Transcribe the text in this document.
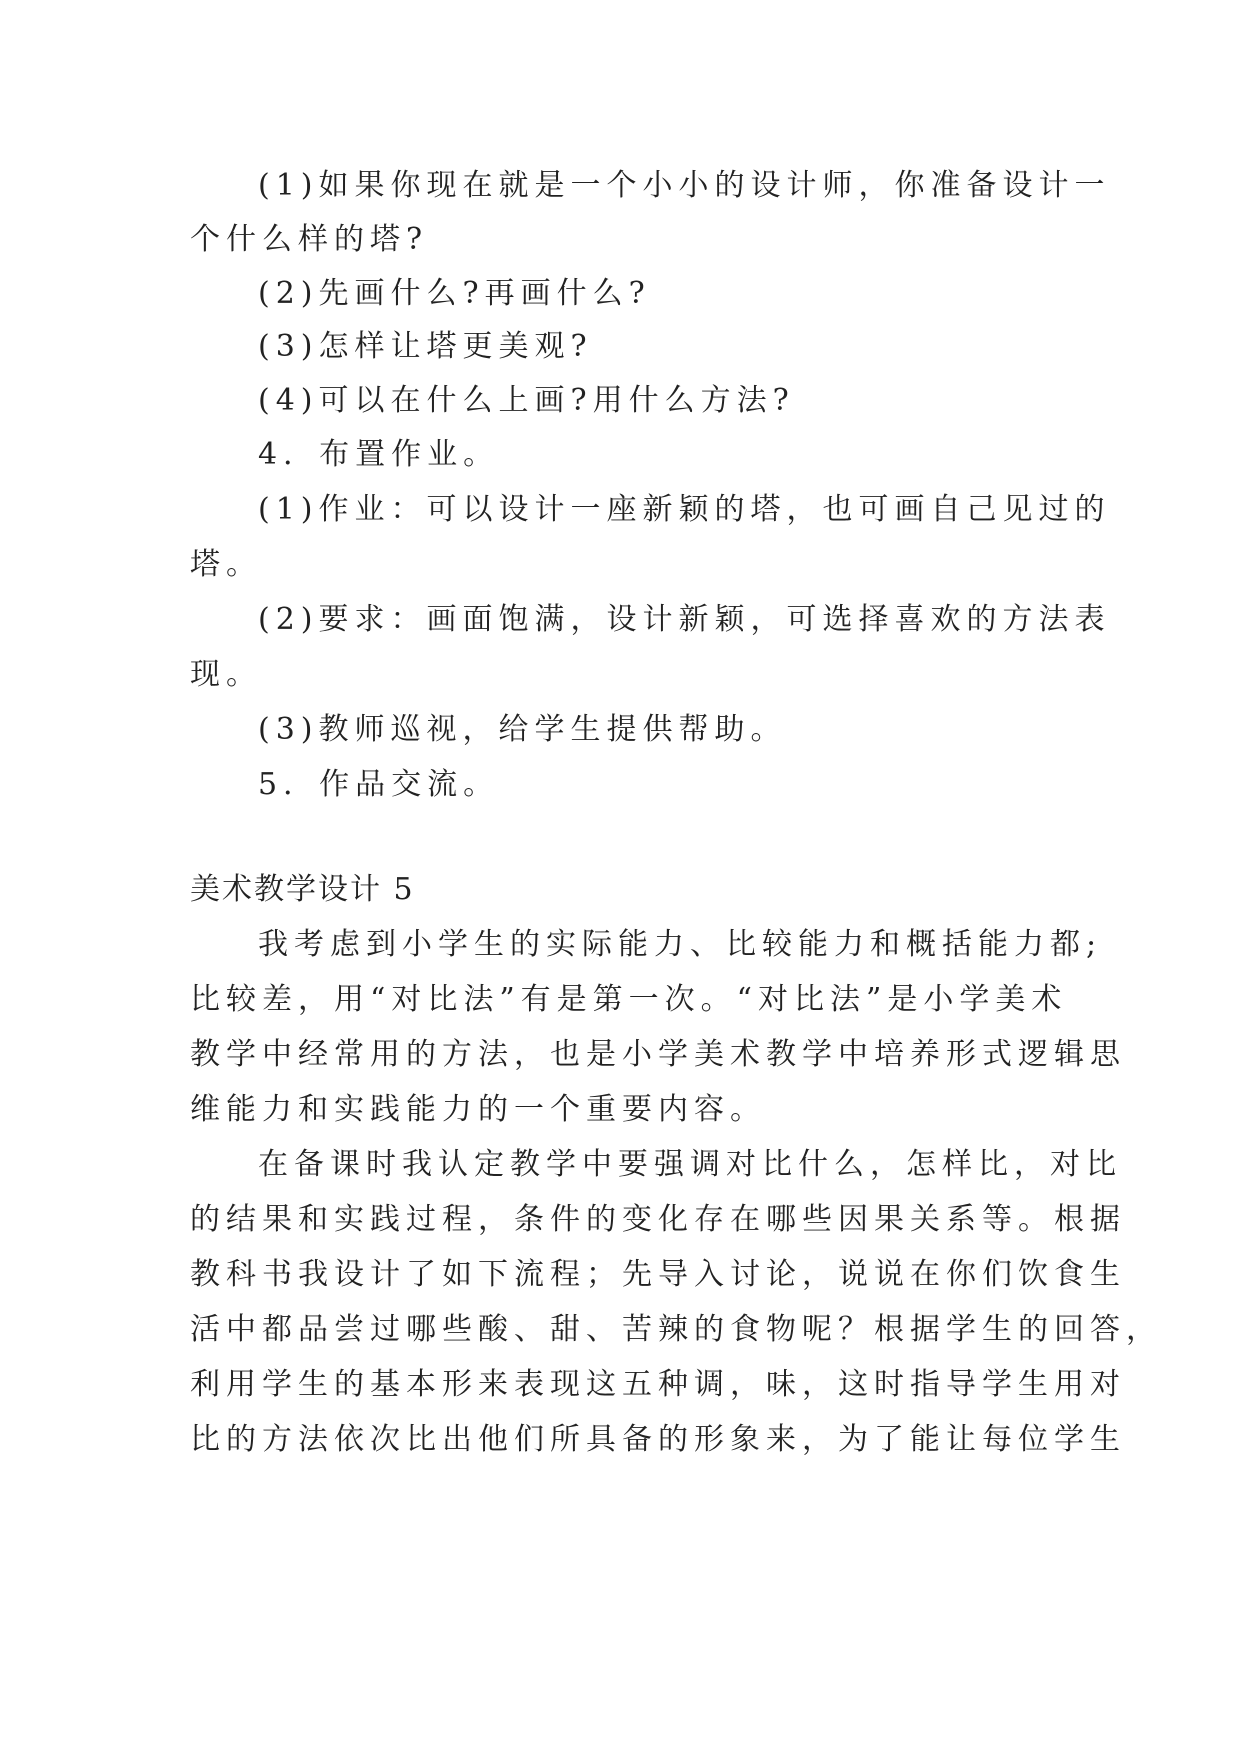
(1)如果你现在就是一个小小的设计师，你准备设计一
个什么样的塔?
(2)先画什么?再画什么?
(3)怎样让塔更美观?
(4)可以在什么上画?用什么方法?
4．布置作业。
(1)作业：可以设计一座新颖的塔，也可画自己见过的
塔。
(2)要求：画面饱满，设计新颖，可选择喜欢的方法表
现。
(3)教师巡视，给学生提供帮助。
5．作品交流。
美术教学设计 5
我考虑到小学生的实际能力、比较能力和概括能力都;
比较差，用“对比法”有是第一次。“对比法”是小学美术
教学中经常用的方法，也是小学美术教学中培养形式逻辑思
维能力和实践能力的一个重要内容。
在备课时我认定教学中要强调对比什么，怎样比，对比
的结果和实践过程，条件的变化存在哪些因果关系等。根据
教科书我设计了如下流程；先导入讨论，说说在你们饮食生
活中都品尝过哪些酸、甜、苦辣的食物呢？根据学生的回答，
利用学生的基本形来表现这五种调，味，这时指导学生用对
比的方法依次比出他们所具备的形象来，为了能让每位学生
